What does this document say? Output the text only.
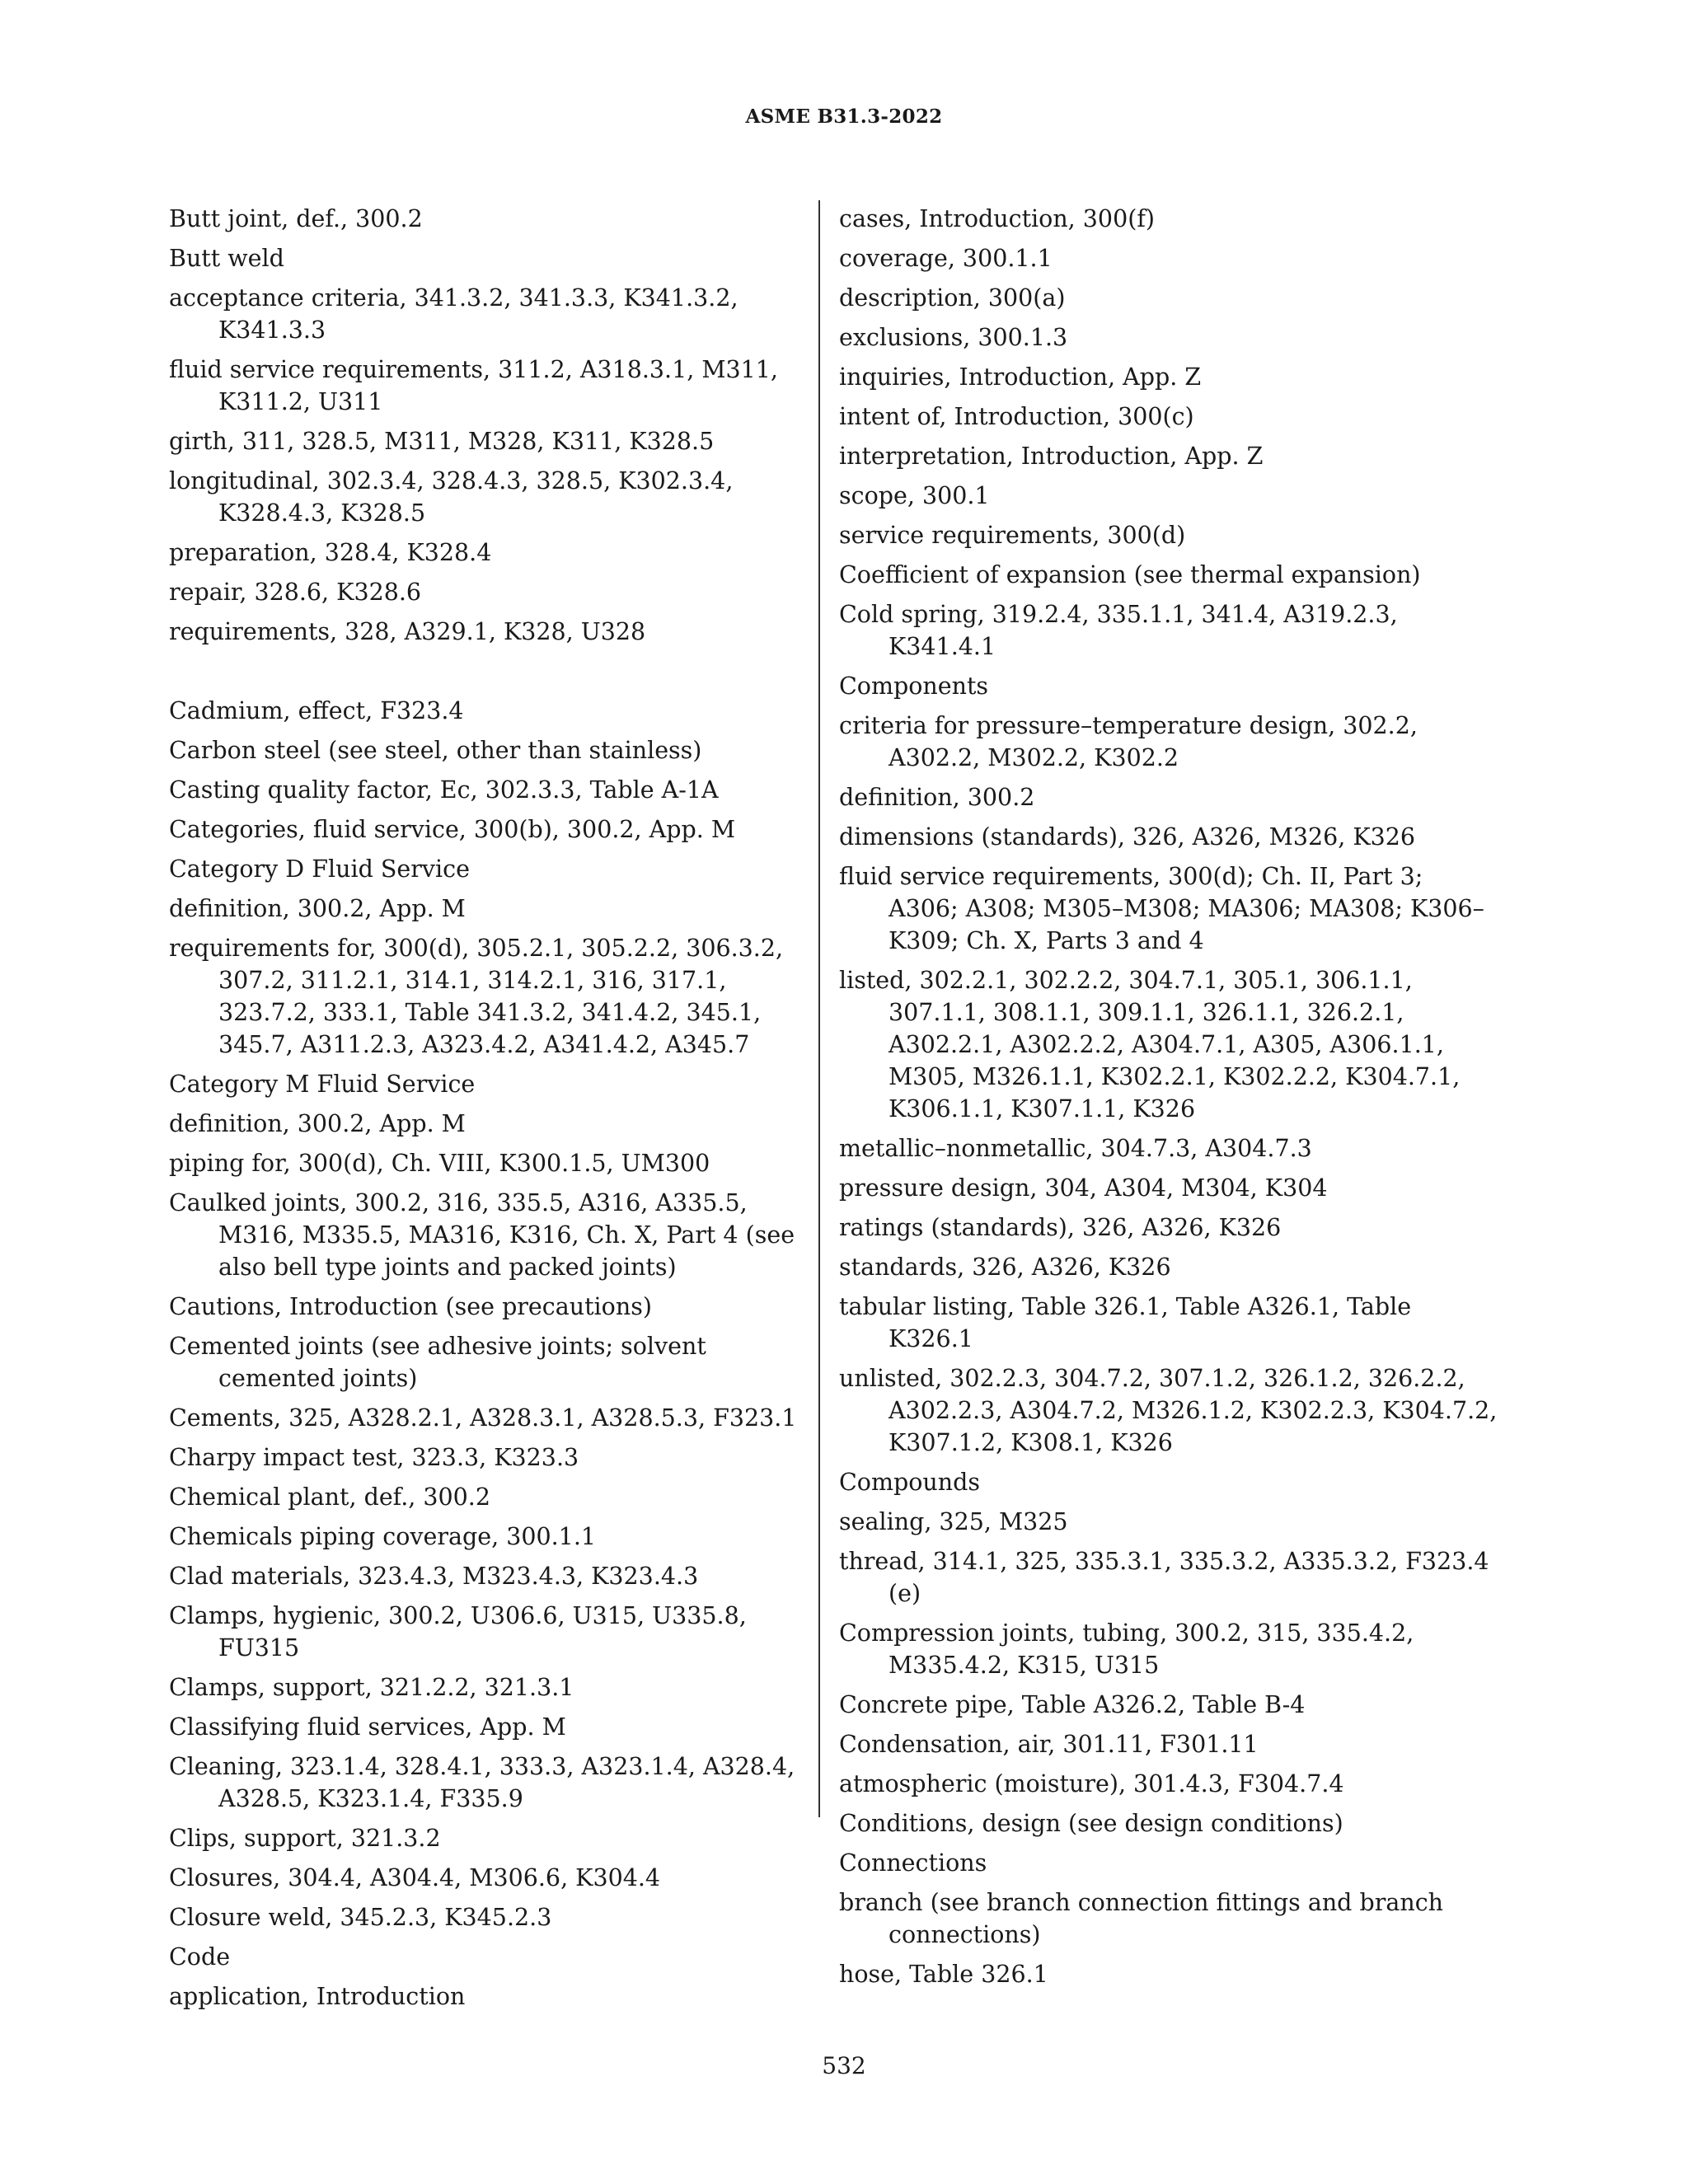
ASME B31.3-2022
Butt joint, def., 300.2
Butt weld
acceptance criteria, 341.3.2, 341.3.3, K341.3.2, K341.3.3
fluid service requirements, 311.2, A318.3.1, M311, K311.2, U311
girth, 311, 328.5, M311, M328, K311, K328.5
longitudinal, 302.3.4, 328.4.3, 328.5, K302.3.4, K328.4.3, K328.5
preparation, 328.4, K328.4
repair, 328.6, K328.6
requirements, 328, A329.1, K328, U328
Cadmium, effect, F323.4
Carbon steel (see steel, other than stainless)
Casting quality factor, Ec, 302.3.3, Table A-1A
Categories, fluid service, 300(b), 300.2, App. M
Category D Fluid Service
definition, 300.2, App. M
requirements for, 300(d), 305.2.1, 305.2.2, 306.3.2, 307.2, 311.2.1, 314.1, 314.2.1, 316, 317.1, 323.7.2, 333.1, Table 341.3.2, 341.4.2, 345.1, 345.7, A311.2.3, A323.4.2, A341.4.2, A345.7
Category M Fluid Service
definition, 300.2, App. M
piping for, 300(d), Ch. VIII, K300.1.5, UM300
Caulked joints, 300.2, 316, 335.5, A316, A335.5, M316, M335.5, MA316, K316, Ch. X, Part 4 (see also bell type joints and packed joints)
Cautions, Introduction (see precautions)
Cemented joints (see adhesive joints; solvent cemented joints)
Cements, 325, A328.2.1, A328.3.1, A328.5.3, F323.1
Charpy impact test, 323.3, K323.3
Chemical plant, def., 300.2
Chemicals piping coverage, 300.1.1
Clad materials, 323.4.3, M323.4.3, K323.4.3
Clamps, hygienic, 300.2, U306.6, U315, U335.8, FU315
Clamps, support, 321.2.2, 321.3.1
Classifying fluid services, App. M
Cleaning, 323.1.4, 328.4.1, 333.3, A323.1.4, A328.4, A328.5, K323.1.4, F335.9
Clips, support, 321.3.2
Closures, 304.4, A304.4, M306.6, K304.4
Closure weld, 345.2.3, K345.2.3
Code
application, Introduction
cases, Introduction, 300(f)
coverage, 300.1.1
description, 300(a)
exclusions, 300.1.3
inquiries, Introduction, App. Z
intent of, Introduction, 300(c)
interpretation, Introduction, App. Z
scope, 300.1
service requirements, 300(d)
Coefficient of expansion (see thermal expansion)
Cold spring, 319.2.4, 335.1.1, 341.4, A319.2.3, K341.4.1
Components
criteria for pressure–temperature design, 302.2, A302.2, M302.2, K302.2
definition, 300.2
dimensions (standards), 326, A326, M326, K326
fluid service requirements, 300(d); Ch. II, Part 3; A306; A308; M305–M308; MA306; MA308; K306–K309; Ch. X, Parts 3 and 4
listed, 302.2.1, 302.2.2, 304.7.1, 305.1, 306.1.1, 307.1.1, 308.1.1, 309.1.1, 326.1.1, 326.2.1, A302.2.1, A302.2.2, A304.7.1, A305, A306.1.1, M305, M326.1.1, K302.2.1, K302.2.2, K304.7.1, K306.1.1, K307.1.1, K326
metallic–nonmetallic, 304.7.3, A304.7.3
pressure design, 304, A304, M304, K304
ratings (standards), 326, A326, K326
standards, 326, A326, K326
tabular listing, Table 326.1, Table A326.1, Table K326.1
unlisted, 302.2.3, 304.7.2, 307.1.2, 326.1.2, 326.2.2, A302.2.3, A304.7.2, M326.1.2, K302.2.3, K304.7.2, K307.1.2, K308.1, K326
Compounds
sealing, 325, M325
thread, 314.1, 325, 335.3.1, 335.3.2, A335.3.2, F323.4 (e)
Compression joints, tubing, 300.2, 315, 335.4.2, M335.4.2, K315, U315
Concrete pipe, Table A326.2, Table B-4
Condensation, air, 301.11, F301.11
atmospheric (moisture), 301.4.3, F304.7.4
Conditions, design (see design conditions)
Connections
branch (see branch connection fittings and branch connections)
hose, Table 326.1
532
